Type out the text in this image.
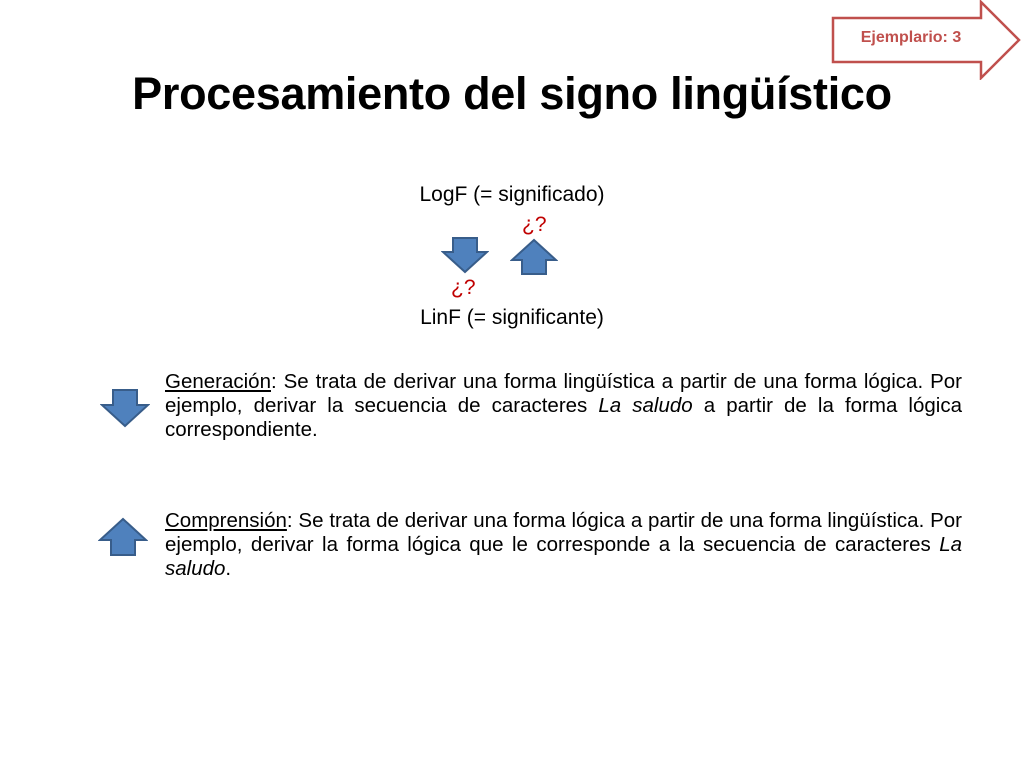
Ejemplario: 3
Procesamiento del signo lingüístico
LogF (= significado)
¿?
¿?
LinF (= significante)
Generación: Se trata de derivar una forma lingüística a partir de una forma lógica. Por ejemplo, derivar la secuencia de caracteres La saludo a partir de la forma lógica correspondiente.
Comprensión: Se trata de derivar una forma lógica a partir de una forma lingüística. Por ejemplo, derivar la forma lógica que le corresponde a la secuencia de caracteres La saludo.
